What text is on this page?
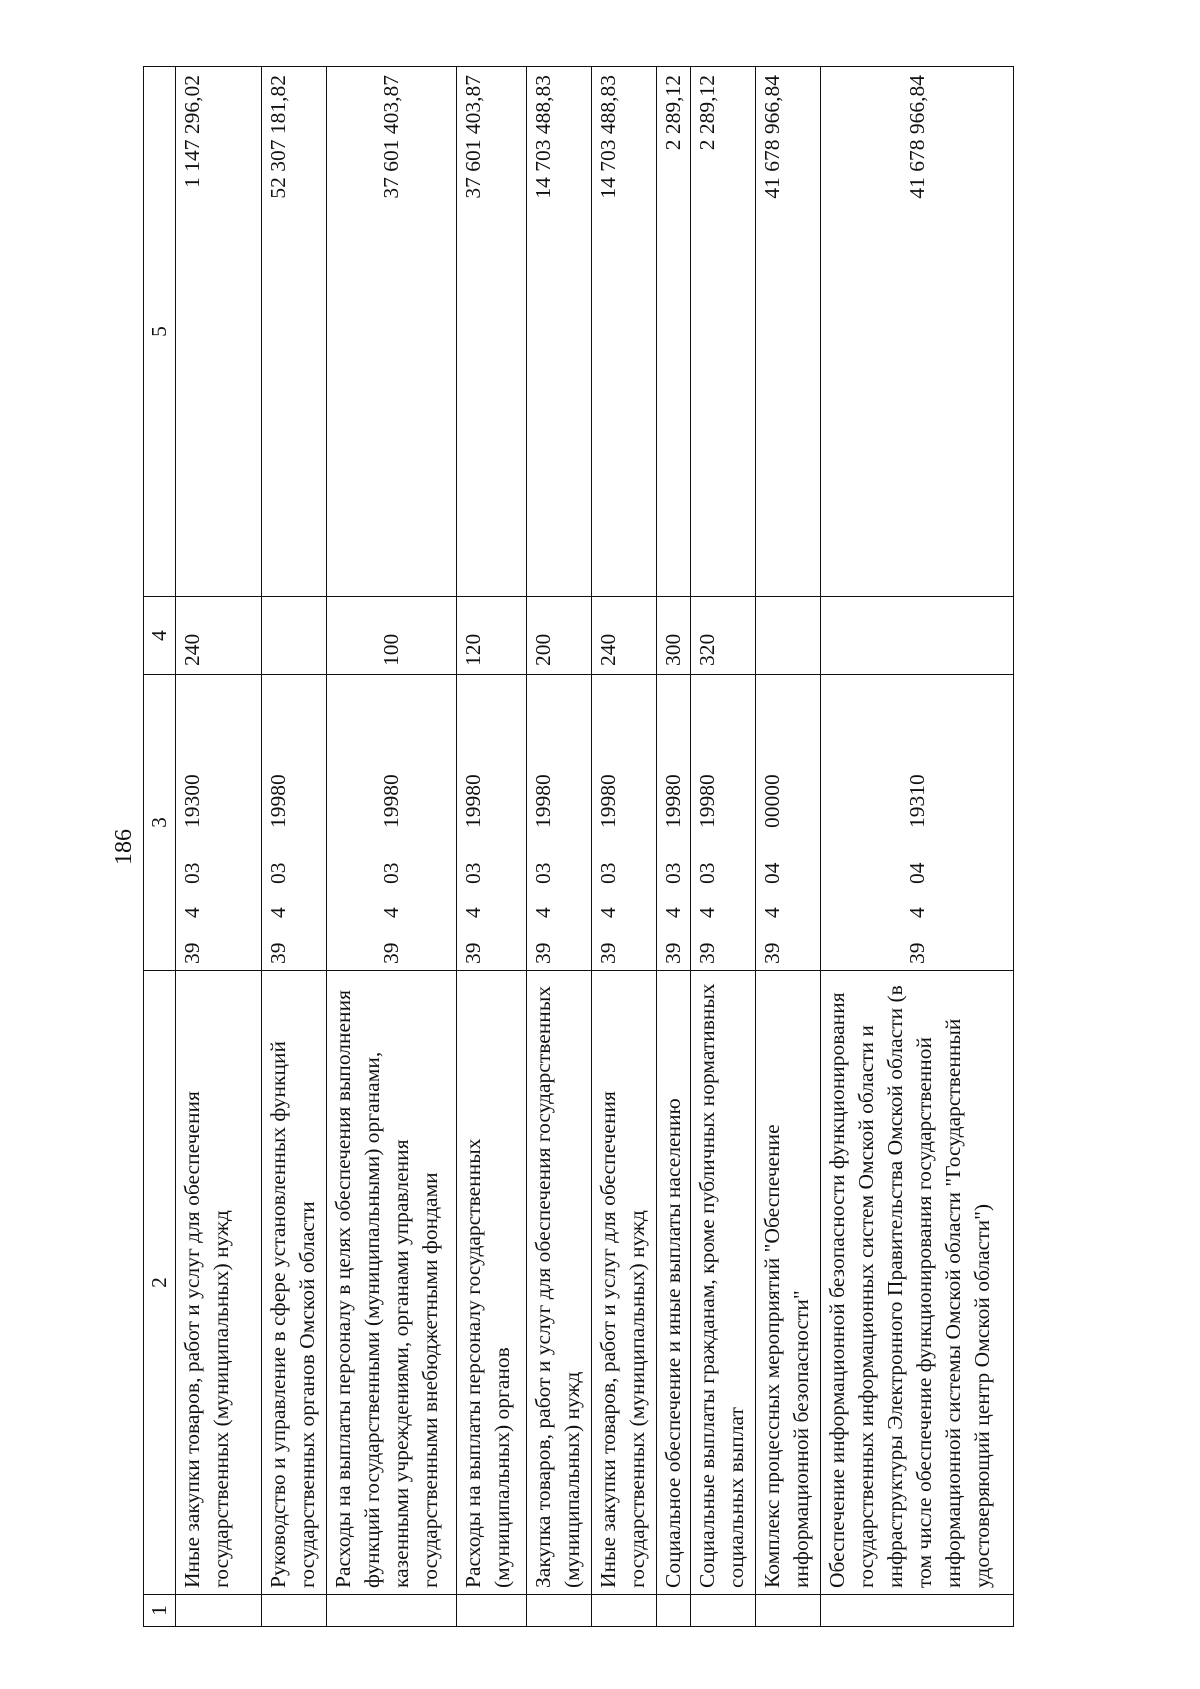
186
1	2	3	4	5
	Иные закупки товаров, работ и услуг для обеспечения государственных (муниципальных) нужд	3940319300	240	1 147 296,02
	Руководство и управление в сфере установленных функций государственных органов Омской области	3940319980		52 307 181,82
	Расходы на выплаты персоналу в целях обеспечения выполнения функций государственными (муниципальными) органами, казенными учреждениями, органами управления государственными внебюджетными фондами	3940319980	100	37 601 403,87
	Расходы на выплаты персоналу государственных (муниципальных) органов	3940319980	120	37 601 403,87
	Закупка товаров, работ и услуг для обеспечения государственных (муниципальных) нужд	3940319980	200	14 703 488,83
	Иные закупки товаров, работ и услуг для обеспечения государственных (муниципальных) нужд	3940319980	240	14 703 488,83
	Социальное обеспечение и иные выплаты населению	3940319980	300	2 289,12
	Социальные выплаты гражданам, кроме публичных нормативных социальных выплат	3940319980	320	2 289,12
	Комплекс процессных мероприятий "Обеспечение информационной безопасности"	3940400000		41 678 966,84
	Обеспечение информационной безопасности функционирования государственных информационных систем Омской области и инфраструктуры Электронного Правительства Омской области (в том числе обеспечение функционирования государственной информационной системы Омской области "Государственный удостоверяющий центр Омской области")	3940419310		41 678 966,84
